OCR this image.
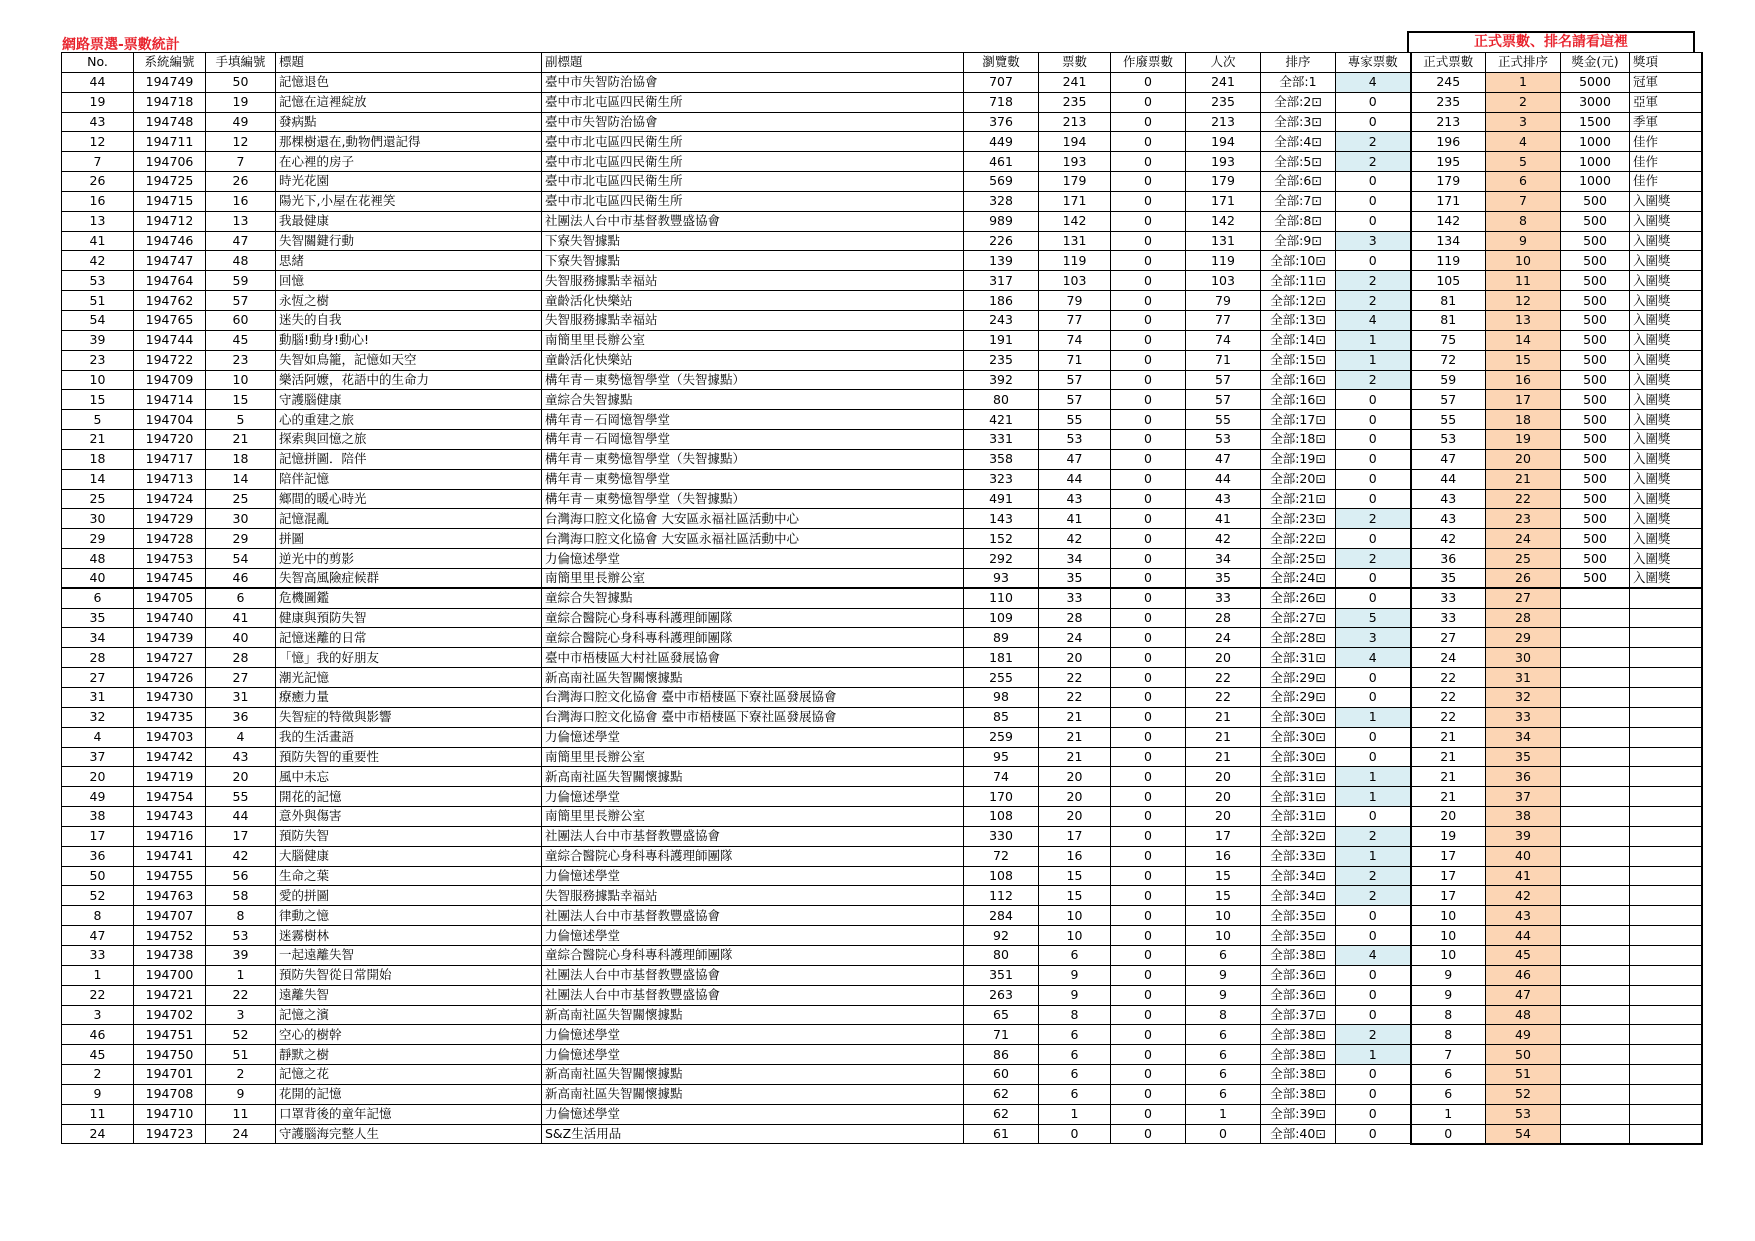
網路票選-票數統計	正式票數、排名請看這裡
No.	系統編號	手填編號	標題	副標題	瀏覽數	票數	作廢票數	人次	排序	專家票數	正式票數	正式排序	獎金(元)	獎項
44	194749	50	記憶退色	臺中市失智防治協會	707	241	0	241	全部:1	4	245	1	5000	冠軍
19	194718	19	記憶在這裡綻放	臺中市北屯區四民衛生所	718	235	0	235	全部:2⊡	0	235	2	3000	亞軍
43	194748	49	發病點	臺中市失智防治協會	376	213	0	213	全部:3⊡	0	213	3	1500	季軍
12	194711	12	那棵樹還在,動物們還記得	臺中市北屯區四民衛生所	449	194	0	194	全部:4⊡	2	196	4	1000	佳作
7	194706	7	在心裡的房子	臺中市北屯區四民衛生所	461	193	0	193	全部:5⊡	2	195	5	1000	佳作
26	194725	26	時光花園	臺中市北屯區四民衛生所	569	179	0	179	全部:6⊡	0	179	6	1000	佳作
16	194715	16	陽光下,小屋在花裡笑	臺中市北屯區四民衛生所	328	171	0	171	全部:7⊡	0	171	7	500	入圍獎
13	194712	13	我最健康	社團法人台中市基督教豐盛協會	989	142	0	142	全部:8⊡	0	142	8	500	入圍獎
41	194746	47	失智關鍵行動	下寮失智據點	226	131	0	131	全部:9⊡	3	134	9	500	入圍獎
42	194747	48	思緒	下寮失智據點	139	119	0	119	全部:10⊡	0	119	10	500	入圍獎
53	194764	59	回憶	失智服務據點幸福站	317	103	0	103	全部:11⊡	2	105	11	500	入圍獎
51	194762	57	永恆之樹	童齡活化快樂站	186	79	0	79	全部:12⊡	2	81	12	500	入圍獎
54	194765	60	迷失的自我	失智服務據點幸福站	243	77	0	77	全部:13⊡	4	81	13	500	入圍獎
39	194744	45	動腦!動身!動心!	南簡里里長辦公室	191	74	0	74	全部:14⊡	1	75	14	500	入圍獎
23	194722	23	失智如鳥籠，記憶如天空	童齡活化快樂站	235	71	0	71	全部:15⊡	1	72	15	500	入圍獎
10	194709	10	樂活阿嬤，花語中的生命力	構年青－東勢憶智學堂（失智據點）	392	57	0	57	全部:16⊡	2	59	16	500	入圍獎
15	194714	15	守護腦健康	童綜合失智據點	80	57	0	57	全部:16⊡	0	57	17	500	入圍獎
5	194704	5	心的重建之旅	構年青－石岡憶智學堂	421	55	0	55	全部:17⊡	0	55	18	500	入圍獎
21	194720	21	探索與回憶之旅	構年青－石岡憶智學堂	331	53	0	53	全部:18⊡	0	53	19	500	入圍獎
18	194717	18	記憶拼圖．陪伴	構年青－東勢憶智學堂（失智據點）	358	47	0	47	全部:19⊡	0	47	20	500	入圍獎
14	194713	14	陪伴記憶	構年青－東勢憶智學堂	323	44	0	44	全部:20⊡	0	44	21	500	入圍獎
25	194724	25	鄉間的暖心時光	構年青－東勢憶智學堂（失智據點）	491	43	0	43	全部:21⊡	0	43	22	500	入圍獎
30	194729	30	記憶混亂	台灣海口腔文化協會 大安區永福社區活動中心	143	41	0	41	全部:23⊡	2	43	23	500	入圍獎
29	194728	29	拼圖	台灣海口腔文化協會 大安區永福社區活動中心	152	42	0	42	全部:22⊡	0	42	24	500	入圍獎
48	194753	54	逆光中的剪影	力倫憶述學堂	292	34	0	34	全部:25⊡	2	36	25	500	入圍獎
40	194745	46	失智高風險症候群	南簡里里長辦公室	93	35	0	35	全部:24⊡	0	35	26	500	入圍獎
6	194705	6	危機圖鑑	童綜合失智據點	110	33	0	33	全部:26⊡	0	33	27		
35	194740	41	健康與預防失智	童綜合醫院心身科專科護理師團隊	109	28	0	28	全部:27⊡	5	33	28		
34	194739	40	記憶迷離的日常	童綜合醫院心身科專科護理師團隊	89	24	0	24	全部:28⊡	3	27	29		
28	194727	28	「憶」我的好朋友	臺中市梧棲區大村社區發展協會	181	20	0	20	全部:31⊡	4	24	30		
27	194726	27	潮光記憶	新高南社區失智關懷據點	255	22	0	22	全部:29⊡	0	22	31		
31	194730	31	療癒力量	台灣海口腔文化協會 臺中市梧棲區下寮社區發展協會	98	22	0	22	全部:29⊡	0	22	32		
32	194735	36	失智症的特徵與影響	台灣海口腔文化協會 臺中市梧棲區下寮社區發展協會	85	21	0	21	全部:30⊡	1	22	33		
4	194703	4	我的生活畫語	力倫憶述學堂	259	21	0	21	全部:30⊡	0	21	34		
37	194742	43	預防失智的重要性	南簡里里長辦公室	95	21	0	21	全部:30⊡	0	21	35		
20	194719	20	風中未忘	新高南社區失智關懷據點	74	20	0	20	全部:31⊡	1	21	36		
49	194754	55	開花的記憶	力倫憶述學堂	170	20	0	20	全部:31⊡	1	21	37		
38	194743	44	意外與傷害	南簡里里長辦公室	108	20	0	20	全部:31⊡	0	20	38		
17	194716	17	預防失智	社團法人台中市基督教豐盛協會	330	17	0	17	全部:32⊡	2	19	39		
36	194741	42	大腦健康	童綜合醫院心身科專科護理師團隊	72	16	0	16	全部:33⊡	1	17	40		
50	194755	56	生命之葉	力倫憶述學堂	108	15	0	15	全部:34⊡	2	17	41		
52	194763	58	愛的拼圖	失智服務據點幸福站	112	15	0	15	全部:34⊡	2	17	42		
8	194707	8	律動之憶	社團法人台中市基督教豐盛協會	284	10	0	10	全部:35⊡	0	10	43		
47	194752	53	迷霧樹林	力倫憶述學堂	92	10	0	10	全部:35⊡	0	10	44		
33	194738	39	一起遠離失智	童綜合醫院心身科專科護理師團隊	80	6	0	6	全部:38⊡	4	10	45		
1	194700	1	預防失智從日常開始	社團法人台中市基督教豐盛協會	351	9	0	9	全部:36⊡	0	9	46		
22	194721	22	遠離失智	社團法人台中市基督教豐盛協會	263	9	0	9	全部:36⊡	0	9	47		
3	194702	3	記憶之濱	新高南社區失智關懷據點	65	8	0	8	全部:37⊡	0	8	48		
46	194751	52	空心的樹幹	力倫憶述學堂	71	6	0	6	全部:38⊡	2	8	49		
45	194750	51	靜默之樹	力倫憶述學堂	86	6	0	6	全部:38⊡	1	7	50		
2	194701	2	記憶之花	新高南社區失智關懷據點	60	6	0	6	全部:38⊡	0	6	51		
9	194708	9	花開的記憶	新高南社區失智關懷據點	62	6	0	6	全部:38⊡	0	6	52		
11	194710	11	口罩背後的童年記憶	力倫憶述學堂	62	1	0	1	全部:39⊡	0	1	53		
24	194723	24	守護腦海完整人生	S&Z生活用品	61	0	0	0	全部:40⊡	0	0	54		
